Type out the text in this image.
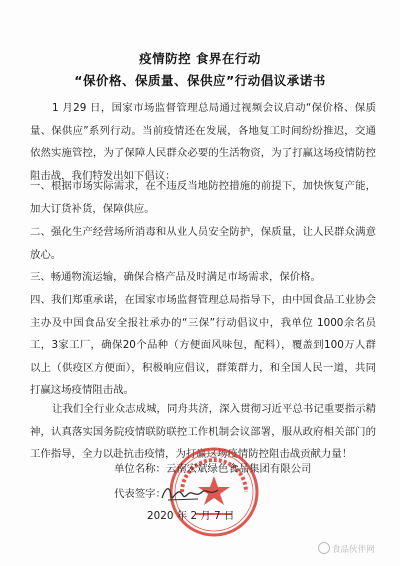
疫情防控 食界在行动
“保价格、保质量、保供应”行动倡议承诺书
1 月29 日，国家市场监督管理总局通过视频会议启动“保价格、保质量、保供应”系列行动。当前疫情还在发展，各地复工时间纷纷推迟，交通依然实施管控，为了保障人民群众必要的生活物资，为了打赢这场疫情防控阻击战，我们特发出如下倡议：
一、根据市场实际需求，在不违反当地防控措施的前提下，加快恢复产能，加大订货补货，保障供应。
二、强化生产经营场所消毒和从业人员安全防护，保质量，让人民群众满意放心。
三、畅通物流运输，确保合格产品及时满足市场需求，保价格。
四、我们郑重承诺，在国家市场监督管理总局指导下，由中国食品工业协会主办及中国食品安全报社承办的“三保”行动倡议中，我单位 1000余名员工，3家工厂，确保20个品种（方便面风味包，配料），覆盖到100万人群以上（供疫区方便面），积极响应倡议，群策群力，和全国人民一道，共同打赢这场疫情阻击战。
让我们全行业众志成城，同舟共济，深入贯彻习近平总书记重要指示精神，认真落实国务院疫情联防联控工作机制会议部署，服从政府相关部门的工作指导，全力以赴抗击疫情，为打赢这场疫情防控阻击战贡献力量！
单位名称：云南宏斌绿色食品集团有限公司
代表签字：
2020 年 2 月 7 日
食品伙伴网
